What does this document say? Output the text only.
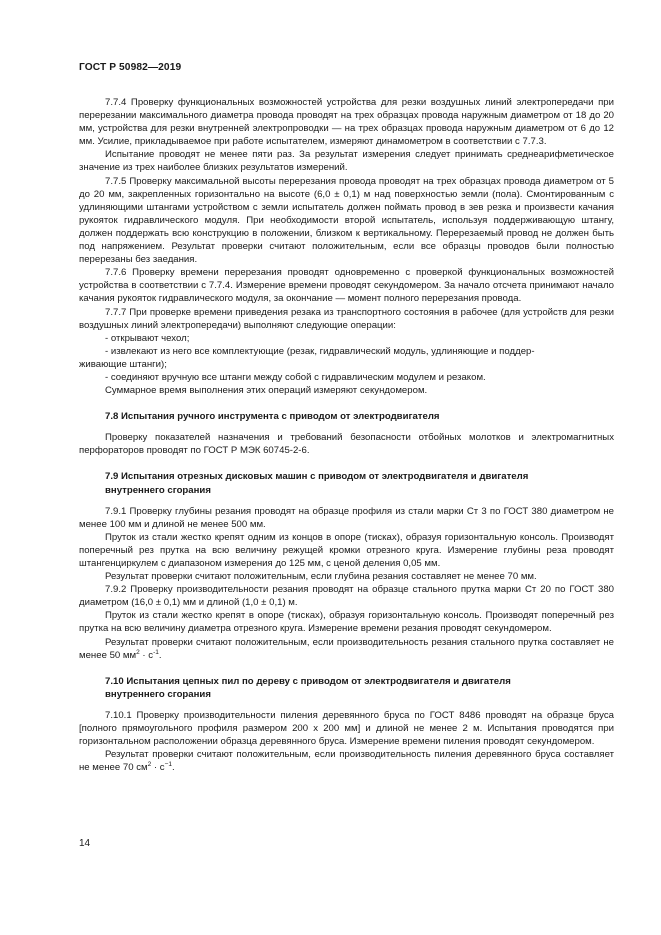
ГОСТ Р 50982—2019

7.7.4 Проверку функциональных возможностей устройства для резки воздушных линий электропередачи при перерезании максимального диаметра провода проводят на трех образцах провода наружным диаметром от 18 до 20 мм, устройства для резки внутренней электропроводки — на трех образцах провода наружным диаметром от 6 до 12 мм. Усилие, прикладываемое при работе испытателем, измеряют динамометром в соответствии с 7.7.3.

Испытание проводят не менее пяти раз. За результат измерения следует принимать среднеарифметическое значение из трех наиболее близких результатов измерений.

7.7.5 Проверку максимальной высоты перерезания провода проводят на трех образцах провода диаметром от 5 до 20 мм, закрепленных горизонтально на высоте (6,0 ± 0,1) м над поверхностью земли (пола). Смонтированным с удлиняющими штангами устройством с земли испытатель должен поймать провод в зев резка и произвести качания рукояток гидравлического модуля. При необходимости второй испытатель, используя поддерживающую штангу, должен поддержать всю конструкцию в положении, близком к вертикальному. Перерезаемый провод не должен быть под напряжением. Результат проверки считают положительным, если все образцы проводов были полностью перерезаны без заедания.

7.7.6 Проверку времени перерезания проводят одновременно с проверкой функциональных возможностей устройства в соответствии с 7.7.4. Измерение времени проводят секундомером. За начало отсчета принимают начало качания рукояток гидравлического модуля, за окончание — момент полного перерезания провода.

7.7.7 При проверке времени приведения резака из транспортного состояния в рабочее (для устройств для резки воздушных линий электропередачи) выполняют следующие операции:

- открывают чехол;

- извлекают из него все комплектующие (резак, гидравлический модуль, удлиняющие и поддер-

живающие штанги);

- соединяют вручную все штанги между собой с гидравлическим модулем и резаком.

Суммарное время выполнения этих операций измеряют секундомером.

7.8 Испытания ручного инструмента с приводом от электродвигателя

Проверку показателей назначения и требований безопасности отбойных молотков и электромагнитных перфораторов проводят по ГОСТ Р МЭК 60745-2-6.

7.9 Испытания отрезных дисковых машин с приводом от электродвигателя и двигателя
внутреннего сгорания

7.9.1 Проверку глубины резания проводят на образце профиля из стали марки Ст 3 по ГОСТ 380 диаметром не менее 100 мм и длиной не менее 500 мм.

Пруток из стали жестко крепят одним из концов в опоре (тисках), образуя горизонтальную консоль. Производят поперечный рез прутка на всю величину режущей кромки отрезного круга. Измерение глубины реза проводят штангенциркулем с диапазоном измерения до 125 мм, с ценой деления 0,05 мм.

Результат проверки считают положительным, если глубина резания составляет не менее 70 мм.

7.9.2 Проверку производительности резания проводят на образце стального прутка марки Ст 20 по ГОСТ 380 диаметром (16,0 ± 0,1) мм и длиной (1,0 ± 0,1) м.

Пруток из стали жестко крепят в опоре (тисках), образуя горизонтальную консоль. Производят поперечный рез прутка на всю величину диаметра отрезного круга. Измерение времени резания проводят секундомером.

Результат проверки считают положительным, если производительность резания стального прутка составляет не менее 50 $мм^2 \cdot с^{-1}$.

7.10 Испытания цепных пил по дереву с приводом от электродвигателя и двигателя
внутреннего сгорания

7.10.1 Проверку производительности пиления деревянного бруса по ГОСТ 8486 проводят на образце бруса [полного прямоугольного профиля размером 200 х 200 мм] и длиной не менее 2 м. Испытания проводятся при горизонтальном расположении образца деревянного бруса. Измерение времени пиления проводят секундомером.

Результат проверки считают положительным, если производительность пиления деревянного бруса составляет не менее 70 $см^2 \cdot с^{-1}$.

14
